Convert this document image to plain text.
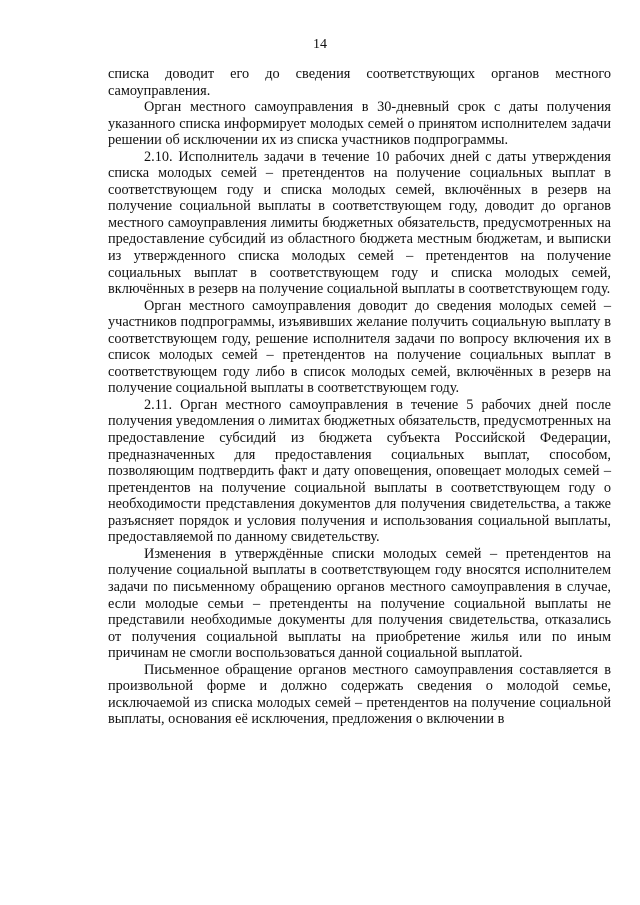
14

списка доводит его до сведения соответствующих органов местного самоуправления.

Орган местного самоуправления в 30-дневный срок с даты получения указанного списка информирует молодых семей о принятом исполнителем задачи решении об исключении их из списка участников подпрограммы.

2.10. Исполнитель задачи в течение 10 рабочих дней с даты утверждения списка молодых семей – претендентов на получение социальных выплат в соответствующем году и списка молодых семей, включённых в резерв на получение социальной выплаты в соответствующем году, доводит до органов местного самоуправления лимиты бюджетных обязательств, предусмотренных на предоставление субсидий из областного бюджета местным бюджетам, и выписки из утвержденного списка молодых семей – претендентов на получение социальных выплат в соответствующем году и списка молодых семей, включённых в резерв на получение социальной выплаты в соответствующем году.

Орган местного самоуправления доводит до сведения молодых семей – участников подпрограммы, изъявивших желание получить социальную выплату в соответствующем году, решение исполнителя задачи по вопросу включения их в список молодых семей – претендентов на получение социальных выплат в соответствующем году либо в список молодых семей, включённых в резерв на получение социальной выплаты в соответствующем году.

2.11. Орган местного самоуправления в течение 5 рабочих дней после получения уведомления о лимитах бюджетных обязательств, предусмотренных на предоставление субсидий из бюджета субъекта Российской Федерации, предназначенных для предоставления социальных выплат, способом, позволяющим подтвердить факт и дату оповещения, оповещает молодых семей – претендентов на получение социальной выплаты в соответствующем году о необходимости представления документов для получения свидетельства, а также разъясняет порядок и условия получения и использования социальной выплаты, предоставляемой по данному свидетельству.

Изменения в утверждённые списки молодых семей – претендентов на получение социальной выплаты в соответствующем году вносятся исполнителем задачи по письменному обращению органов местного самоуправления в случае, если молодые семьи – претенденты на получение социальной выплаты не представили необходимые документы для получения свидетельства, отказались от получения социальной выплаты на приобретение жилья или по иным причинам не смогли воспользоваться данной социальной выплатой.

Письменное обращение органов местного самоуправления составляется в произвольной форме и должно содержать сведения о молодой семье, исключаемой из списка молодых семей – претендентов на получение социальной выплаты, основания её исключения, предложения о включении в
